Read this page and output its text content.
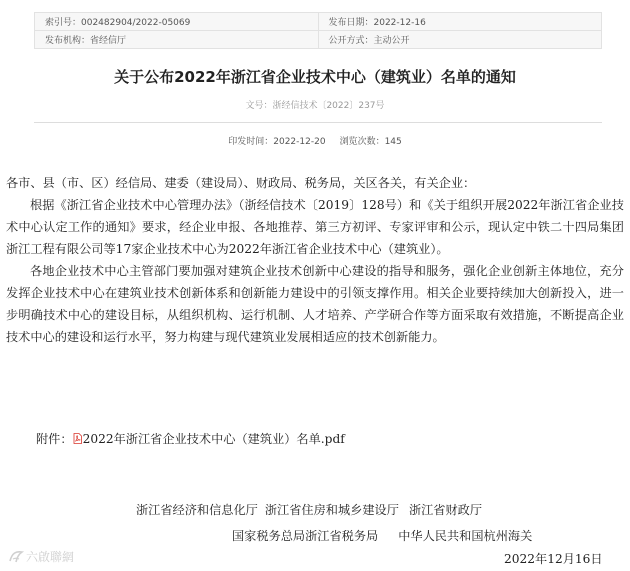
索引号：002482904/2022-05069	发布日期：2022-12-16
发布机构：省经信厅	公开方式：主动公开
关于公布2022年浙江省企业技术中心（建筑业）名单的通知
文号：浙经信技术〔2022〕237号
印发时间：2022-12-20 浏览次数：145

各市、县（市、区）经信局、建委（建设局）、财政局、税务局，关区各关，有关企业：

根据《浙江省企业技术中心管理办法》（浙经信技术〔2019〕128号）和《关于组织开展2022年浙江省企业技术中心认定工作的通知》要求，经企业申报、各地推荐、第三方初评、专家评审和公示，现认定中铁二十四局集团浙江工程有限公司等17家企业技术中心为2022年浙江省企业技术中心（建筑业）。

各地企业技术中心主管部门要加强对建筑企业技术创新中心建设的指导和服务，强化企业创新主体地位，充分发挥企业技术中心在建筑业技术创新体系和创新能力建设中的引领支撑作用。相关企业要持续加大创新投入，进一步明确技术中心的建设目标，从组织机构、运行机制、人才培养、产学研合作等方面采取有效措施，不断提高企业技术中心的建设和运行水平，努力构建与现代建筑业发展相适应的技术创新能力。

附件： 2022年浙江省企业技术中心（建筑业）名单.pdf
浙江省经济和信息化厅 浙江省住房和城乡建设厅 浙江省财政厅
国家税务总局浙江省税务局 中华人民共和国杭州海关
2022年12月16日
六啟聯網
